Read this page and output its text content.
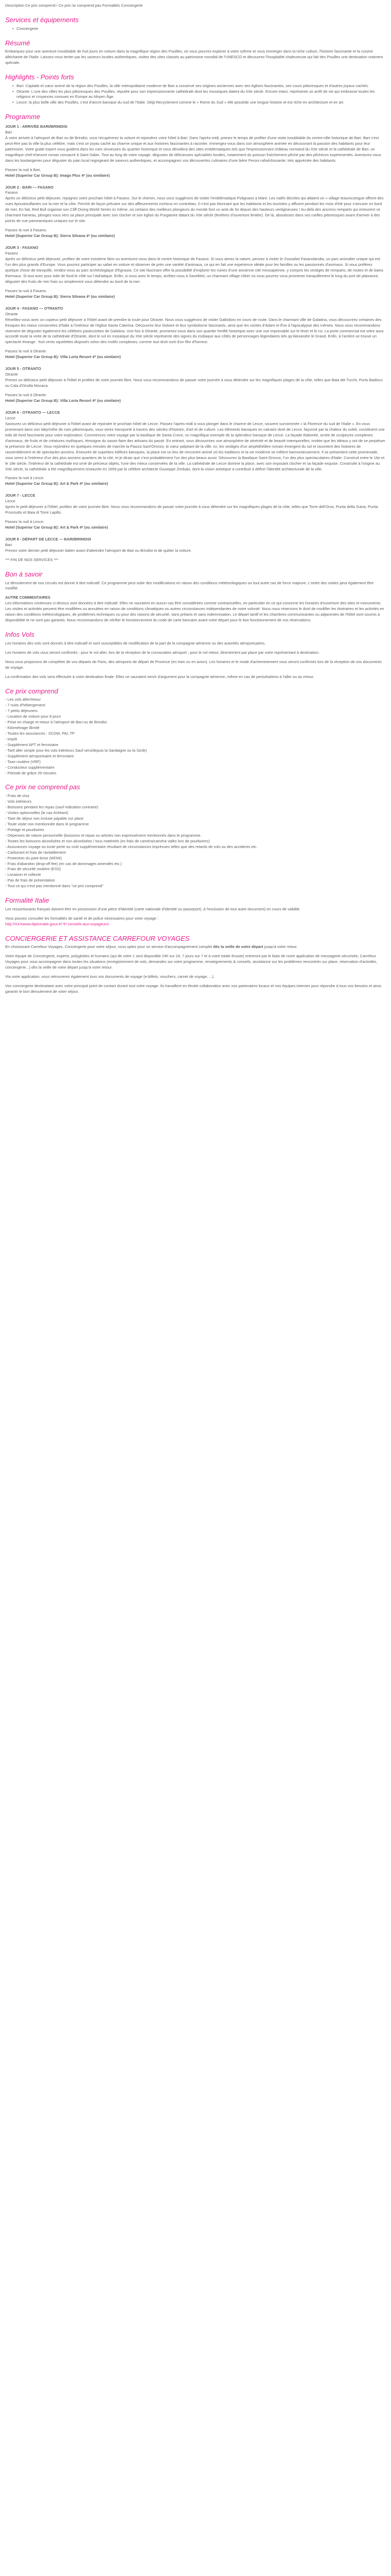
Description Ce prix comprend / Ce prix ne comprend pas Formalités Conciergerie
Services et équipements
• Conciergerie
Résumé

Embarquez pour une aventure inoubliable de huit jours en voiture dans la magnifique région des Pouilles, où vous pourrez explorer à votre rythme et vous immerger dans la riche culture, l'histoire fascinante et la cuisine alléchante de l'Italie. Laissez-vous tenter par les saveurs locales authentiques, visitez des sites classés au patrimoine mondial de l'UNESCO et découvrez l'hospitalité chaleureuse qui fait des Pouilles une destination vraiment spéciale.

Highlights - Points forts
• Bari: Capitale et cœur animé de la région des Pouilles, la ville métropolitaine moderne de Bari a conservé ses origines anciennes avec ses églises fascinantes, ses cours pittoresques et d'autres joyaux cachés.
• Otrante: L'une des villes les plus pittoresques des Pouilles, réputée pour son impressionnante cathédrale dont les mosaïques datent du XIIe siècle. Encore intact, représente un arrêt de vie qui embrasse toutes les religions et croyances connues en Europe au Moyen Âge.
• Lecce: la plus belle ville des Pouilles, c'est d'ancre baroque du sud de l'Italie. Déjà Recyclement comme le « Rome du Sud » elle possède une longue histoire et est riche en architecture et en art.
Programme
JOUR 1 - ARRIVÉE BARI/BRINDISI
Bari

À votre arrivée à l'aéroport de Bari ou de Brindisi, vous récupérerez la voiture et rejoindrez votre hôtel à Bari. Dans l'après-midi, prenez le temps de profiter d'une visite inoubliable du centre-ville historique de Bari. Bari n'est peut-être pas la ville la plus célèbre, mais c'est un joyau caché au charme unique et aux histoires fascinantes à raconter. Immergez-vous dans son atmosphère animée en découvrant la passion des habitants pour leur patrimoine. Votre guide expert vous guidera dans les rues sinueuses du quartier historique et vous dévoilera des sites emblématiques tels que l'impressionnant château normand du XIIe siècle et la cathédrale de Bari, un magnifique chef-d'œuvre roman consacré à Saint Sabin. Tout au long de votre voyage, dégustez de délicieuses spécialités locales, notamment du poisson fraîchement pêché par des pêcheurs expérimentés. Aventurez-vous dans les boulangeries pour déguster du pain local regorgeant de saveurs authentiques, et accompagnez vos découvertes culinaires d'une bière Peroni rafraîchissante, très appréciée des habitants.

Passez la nuit à Bari.
Hotel (Superior Car Group B): Imago Plus 4* (ou similaire)
JOUR 2 - BARI — FASANO
Fasano

Après un délicieux petit déjeuner, rejoignez votre prochain hôtel à Fasano. Sur le chemin, nous vous suggérons de visiter l'emblématique Polignano a Mare. Les natifs décrites qui allaient un « village teaunicotogue offrent des vues époustouflantes sur la mer et la côte. Perché de façon précaire sur des affleurements rocheux en contrebas, il n'est pas étonnant que les habitants et les touristes y affluent pendant les mois d'été pour s'amuser en bord de mer. En fait, Red Bull organise son Cliff Diving World Series ici même, où certains des meilleurs plongeurs du monde font un acte de foi depuis des hauteurs vertigineuses ! Au-delà des ancrens remparts qui entourent ce charmant hameau, plongez-vous vers sa place principale avec son clocher et son église du Purgatoire datant du XIIe siècle (fenêtres d'ouverture limitée). De là, aboutissez dans ses ruelles pittoresques avant d'arriver à des points de vue panoramiques uniques sur le site.

Passez la nuit à Fasano.
Hotel (Superior Car Group B): Sierra Silvana 4* (ou similaire)
JOUR 3 - FASANO
Fasano

Après un délicieux petit déjeuner, profitez de votre troisième libre ou aventurez-vous dans le centre historique de Fasano. Si vous aimez la nature, pensez à visiter le Zoosafari Fasanolandia, un parc animalier unique qui est l'un des plus grands d'Europe. Vous pourrez participer au safari en voiture et observer de près une variété d'animaux, ce qui en fait une expérience idéale pour les familles ou les passionnés d'animaux. Si vous préférez quelque chose de tranquille, rendez-vous au parc archéologique d'Egnazia. Ce site fascinant offre la possibilité d'explorer les ruines d'une ancienne cité messapienne, y compris les vestiges de remparts, de routes et de bains thermaux. Si tout avec pour toile de fond le côté sur l'Adriatique. Enfin, si vous avez le temps, arrêtez-vous à Savelletri, un charmant village côtier où vous pourrez vous promener tranquillement le long du port de plaisance, déguster des fruits de mer frais ou simplement vous détendre au bord de la mer.

Passez la nuit à Fasano.
Hotel (Superior Car Group B): Sierra Silvana 4* (ou similaire)
JOUR 4 - FASANO — OTRANTO
Otrante

Réveillez-vous avec un copieux petit déjeuner à l'hôtel avant de prendre la route pour Otrante. Nous vous suggérons de visiter Gallodoro en cours de route. Dans le charmant ville de Galatina, vous découvrirez certaines des fresques les mieux conservées d'Italie à l'intérieur de l'église Santa Caterina. Découvrez leur histoire et leur symbolisme fascinants, ainsi que les contes d'Adam et Ève à l'apocalypse des mêmes. Nous vous recommandons vivement de déguster également les célèbres pasticciottos de Galatina. Une fois à Otrante, promenez-vous dans son quartier fortifié historique avec une vue imprenable sur le lever et le roi. La porte commercial est votre aura accordé toute la virée de la cathédrale d'Otrante, dont le sol en mosaïque du XIIe siècle représente des signes du zodiaque aux côtés de personnages légendaires tels qu'Alexandre le Grand. Enfin, à l'arrière se trouve un spectacle étrange : huit cents squelettes disposés selon des motifs complexes, comme tout droit sorti d'un film d'horreur.

Passez la nuit à Otrante.
Hotel (Superior Car Group B): Villa Loria Resort 4* (ou similaire)
JOUR 5 - OTRANTO
Otrante

Prenez un délicieux petit déjeuner à l'hôtel et profitez de votre journée libre. Nous vous recommandons de passer votre journée à vous détendre sur les magnifiques plages de la côte, telles que Baia dei Turchi, Porto Badisco ou Cala d'Orsilla Monaca.

Passez la nuit à Otrante.
Hotel (Superior Car Group B): Villa Loria Resort 4* (ou similaire)
JOUR 6 - OTRANTO — LECCE
Lecce

Savourez un délicieux petit déjeuner à l'hôtel avant de rejoindre le prochain hôtel de Lecce. Passez l'après-midi à vous plonger dans le charme de Lecce, souvent surnommée « la Florence du sud de l'Italie ». En vous promenant dans son labyrinthe de rues pittoresques, vous serez transporté à travers des siècles d'histoire, d'art et de culture. Les éléments baroques en calcaire doré de Lecce, façonné par la chaleur du soleil, constituent une toile de fond fascinante pour votre exploration. Commencez votre voyage par la basilique de Santa Croce, un magnifique exemple de la splendeur baroque de Lecce. La façade élaborée, ornée de sculptures complexes d'animaux, de fruits et de créatures mythiques, témoigne du savoir-faire des artisans du passé. En entrant, vous découvrirez une atmosphère de sérénité et de beauté intemporelles, invitée que les idéaux y ont de se perpétuer la présence de Lecce. Vous rejoindrez en quelques minutes de marche la Piazza Sant'Oronzo, le cœur palpitant de la ville. Ici, les vestiges d'un amphithéâtre romain émergent du sol et racontent des histoires de rassemblement et de spectacles anciens. Entourée de superbes édifices baroques, la place est un lieu de rencontre animé où les traditions et la vie moderne se mêlent harmonieusement. Il se présentent cette promenade, vous serez à l'intérieur d'un des plus anciens quartiers de la cité, et je dirais que c'est probablement l'un des plus beaux aussi. Découvrez la Basilique Saint-Oronce, l'un des plus spectaculaires d'Italie. Construit entre le 16e et le 18e siècle, l'intérieur de la cathédrale est orné de précieux objets, l'une des mieux conservées de la ville. La cathédrale de Lecce domine la place, avec son imposant clocher et sa façade exquise. Construite à l'origine au XIIe siècle, la cathédrale a été magnifiquement restaurée en 1659 par le célèbre architecte Giuseppe Zimbalo, dont la vision artistique a contribué à définir l'identité architecturale de la ville.

Passez la nuit à Lecce.
Hotel (Superior Car Group B): Art & Park 4* (ou similaire)
JOUR 7 - LECCE
Lecce

Après le petit déjeuner à l'hôtel, profitez de votre journée libre. Nous vous recommandons de passer votre journée à vous détendre sur les magnifiques plages de la côte, telles que Torre dell'Orso, Punta della Suina, Punta Prosciutto et Baia di Torre Lapillo.

Passez la nuit à Lecce.
Hotel (Superior Car Group B): Art & Park 4* (ou similaire)
JOUR 8 - DÉPART DE LECCE — BARI/BRINDISI
Bari

Prenez votre dernier petit déjeuner italien avant d'atteindre l'aéroport de Bari ou Brindisi et de quitter la voiture.

*** FIN DE NOS SERVICES ***
Bon à savoir

Le déroulement de nos circuits est donné à titre indicatif. Ce programme peut subir des modifications en raison des conditions météorologiques ou tout autre cas de force majeure. L'ordre des visites peut également être modifié.

AUTRE COMMENTAIRES

Les informations contenues ci-dessus sont données à titre indicatif. Elles ne sauraient en aucun cas être considérées comme contractuelles, en particulier en ce qui concerne les horaires d'ouverture des sites et monuments. Les visites et activités peuvent être modifiées ou annulées en raison de conditions climatiques ou autres circonstances indépendantes de notre volonté. Nous nous réservons le droit de modifier les itinéraires et les activités en raison des conditions météorologiques, de problèmes techniques ou pour des raisons de sécurité, sans préavis et sans indemnisation. Le départ tardif et les chambres communicantes ou adjacentes de l'hôtel sont soumis à disponibilité et ne sont pas garantis. Nous recommandons de vérifier le fonctionnement du code de carte bancaire avant votre départ pour le bon fonctionnement de vos réservations.

Infos Vols

Les horaires des vols sont donnés à titre indicatif et sont susceptibles de modification de la part de la compagnie aérienne ou des autorités aéroportuaires.

Les horaires de vols vous seront confirmés : pour le vol aller, lors de la réception de la convocation aéroport ; pour le vol retour, directement par place par votre représentant à destination.

Nous vous proposons de compléter de vos départs de Paris, des aéroports de départ de Province (en train ou en avion). Les horaires et le mode d'acheminement vous seront confirmés lors de la réception de vos documents de voyage.

La confirmation des vols sera effectuée à votre destination finale. Elles ne sauraient servir d'argument pour la compagnie aérienne, même en cas de perturbations à l'aller ou au retour.

Ce prix comprend
- Les vols aller/retour
- 7 nuits d'hébergement
- 7 petits déjeuners
- Location de voiture pour 8 jours
- Prise en charge et retour à l'aéroport de Bari ou de Brindisi
- Kilométrage illimité
- Toutes les assurances : SCDW, PAI, TP
- Impôt
- Supplément APT et ferroviaire
- Tarif aller simple pour les vols intérieurs Sauf vers/depuis la Sardaigne ou la Sicile)
- Supplément aéroportuaire et ferroviaire
- Taxe routière (VRF)
- Conducteur supplémentaire
- Période de grâce 29 minutes
Ce prix ne comprend pas
- Frais de visa
- Vols intérieurs
- Boissons pendant les repas (sauf indication contraire)
- Visites optionnelles (le cas échéant)
- Taxe de séjour non incluse payable sur place
- Toute visite non mentionnée dans le programme
- Portage et pourboires
- Dépenses de nature personnelle (boissons et repas ou articles non expressément mentionnés dans le programme.
- Toutes les boissons alcoolisées et non alcoolisées / tous matériels (ex frais de caméra/caméra vidéo lors de pourboires)
- Assurances voyage ou toute perte ou coût supplémentaire résultant de circonstances imprévues telles que des retards de vols ou des accidents etc.
- Carburant et frais de ravitaillement
- Protection du pare-brise (WDW)
- Frais d'abandon (drop-off fee) (en cas de dommages amendés etc.)
- Frais de sécurité routière (ESS)
- Livraison et collecte
- Pas de frais de présentation
- Tout ce qui n'est pas mentionné dans "ce prix comprend"
Formalité Italie

Les ressortissants français doivent être en possession d'une pièce d'identité (carte nationale d'identité ou passeport), à l'exclusion de tout autre document) en cours de validité.

Vous pouvez consulter les formalités de santé et de police nécessaires pour votre voyage :
http://XXXwww.diplomatie.gouv.fr/ fr/ conseils-aux-voyageurs/

CONCIERGERIE ET ASSISTANCE CARREFOUR VOYAGES

En choisissant Carrefour Voyages, Conciergerie pour votre séjour, vous optez pour un service d'accompagnement complet dès la veille de votre départ jusqu'à votre retour.

Votre équipe de Conciergerie, experts, polyglottes et humains (qui de votre 1 seul disponible 24h sur 24, 7 jours sur 7 et à votre totale écoute) entreront par le biais de notre application de messagerie sécurisée, Carrefour Voyages pour vous accompagner dans toutes les situations (enregistrement de vols, demandes sur votre programme, renseignements & conseils, assistance sur les problèmes rencontrés sur place, réservation d'activités, conciergerie...) dès la veille de votre départ jusqu'à votre retour.

Via votre application, vous retrouverez également tous vos documents de voyage (e-billets, vouchers, carnet de voyage, ...).

Vos conciergerie destinataire avec votre principal point de contact durant tout votre voyage. Ils travaillent en étroite collaboration avec nos partenaires locaux et nos équipes internes pour répondre à tous vos besoins et ainsi, garantir le bon déroulement de votre séjour.
